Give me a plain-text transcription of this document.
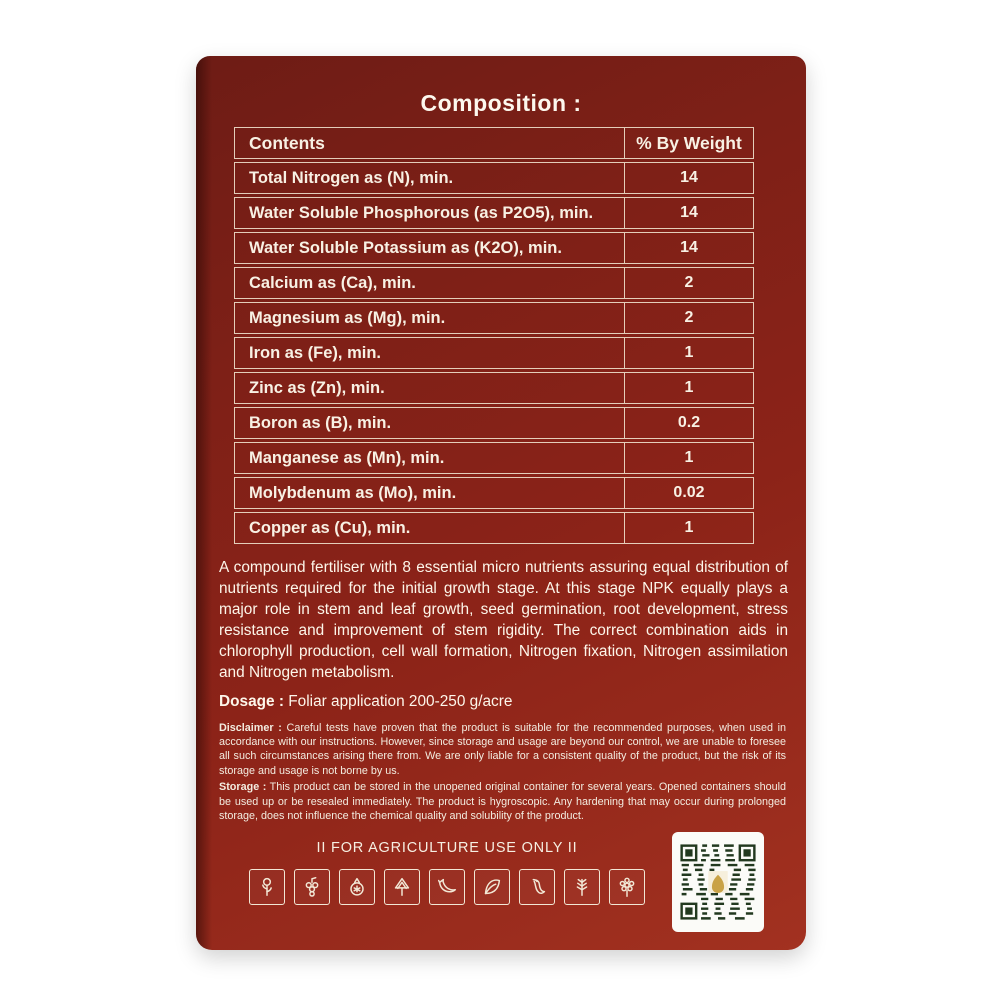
Composition :
Contents	% By Weight
Total Nitrogen as (N), min.	14
Water Soluble Phosphorous (as P2O5), min.	14
Water Soluble Potassium as (K2O), min.	14
Calcium as (Ca), min.	2
Magnesium as (Mg), min.	2
Iron as (Fe), min.	1
Zinc as (Zn), min.	1
Boron as (B), min.	0.2
Manganese as (Mn), min.	1
Molybdenum as (Mo), min.	0.02
Copper as (Cu), min.	1
A compound fertiliser with 8 essential micro nutrients assuring equal distribution of nutrients required for the initial growth stage. At this stage NPK equally plays a major role in stem and leaf growth, seed germination, root development, stress resistance and improvement of stem rigidity. The correct combination aids in chlorophyll production, cell wall formation, Nitrogen fixation, Nitrogen assimilation and Nitrogen metabolism.
Dosage : Foliar application 200-250 g/acre
Disclaimer : Careful tests have proven that the product is suitable for the recommended purposes, when used in accordance with our instructions. However, since storage and usage are beyond our control, we are unable to foresee all such circumstances arising there from. We are only liable for a consistent quality of the product, but the risk of its storage and usage is not borne by us.
Storage : This product can be stored in the unopened original container for several years. Opened containers should be used up or be resealed immediately. The product is hygroscopic. Any hardening that may occur during prolonged storage, does not influence the chemical quality and solubility of the product.
II FOR AGRICULTURE USE ONLY II
